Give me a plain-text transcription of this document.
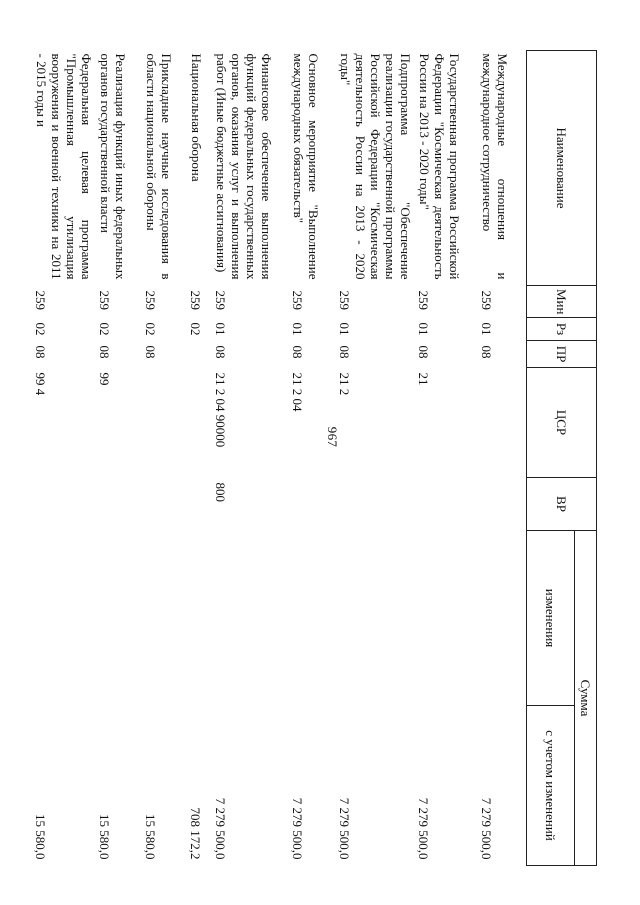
967
Наименование	Мин	Рз	ПР	ЦСР	ВР	Сумма	
						изменения	с учетом изменений
Международные отношения и международное сотрудничество	259	01	08				7 279 500,0
Государственная программа Российской Федерации "Космическая деятельность России на 2013 - 2020 годы"	259	01	08	21			7 279 500,0
Подпрограмма "Обеспечение реализации государственной программы Российской Федерации "Космическая деятельность России на 2013 - 2020 годы"	259	01	08	21 2			7 279 500,0
Основное мероприятие "Выполнение международных обязательств"	259	01	08	21 2 04			7 279 500,0
Финансовое обеспечение выполнения функций федеральных государственных органов, оказания услуг и выполнения работ (Иные бюджетные ассигнования)	259	01	08	21 2 04 90000	800		7 279 500,0
Национальная оборона	259	02					708 172,2
Прикладные научные исследования в области национальной обороны	259	02	08				15 580,0
Реализация функций иных федеральных органов государственной власти	259	02	08	99			15 580,0
Федеральная целевая программа "Промышленная утилизация вооружения и военной техники на 2011 - 2015 годы и	259	02	08	99 4			15 580,0
